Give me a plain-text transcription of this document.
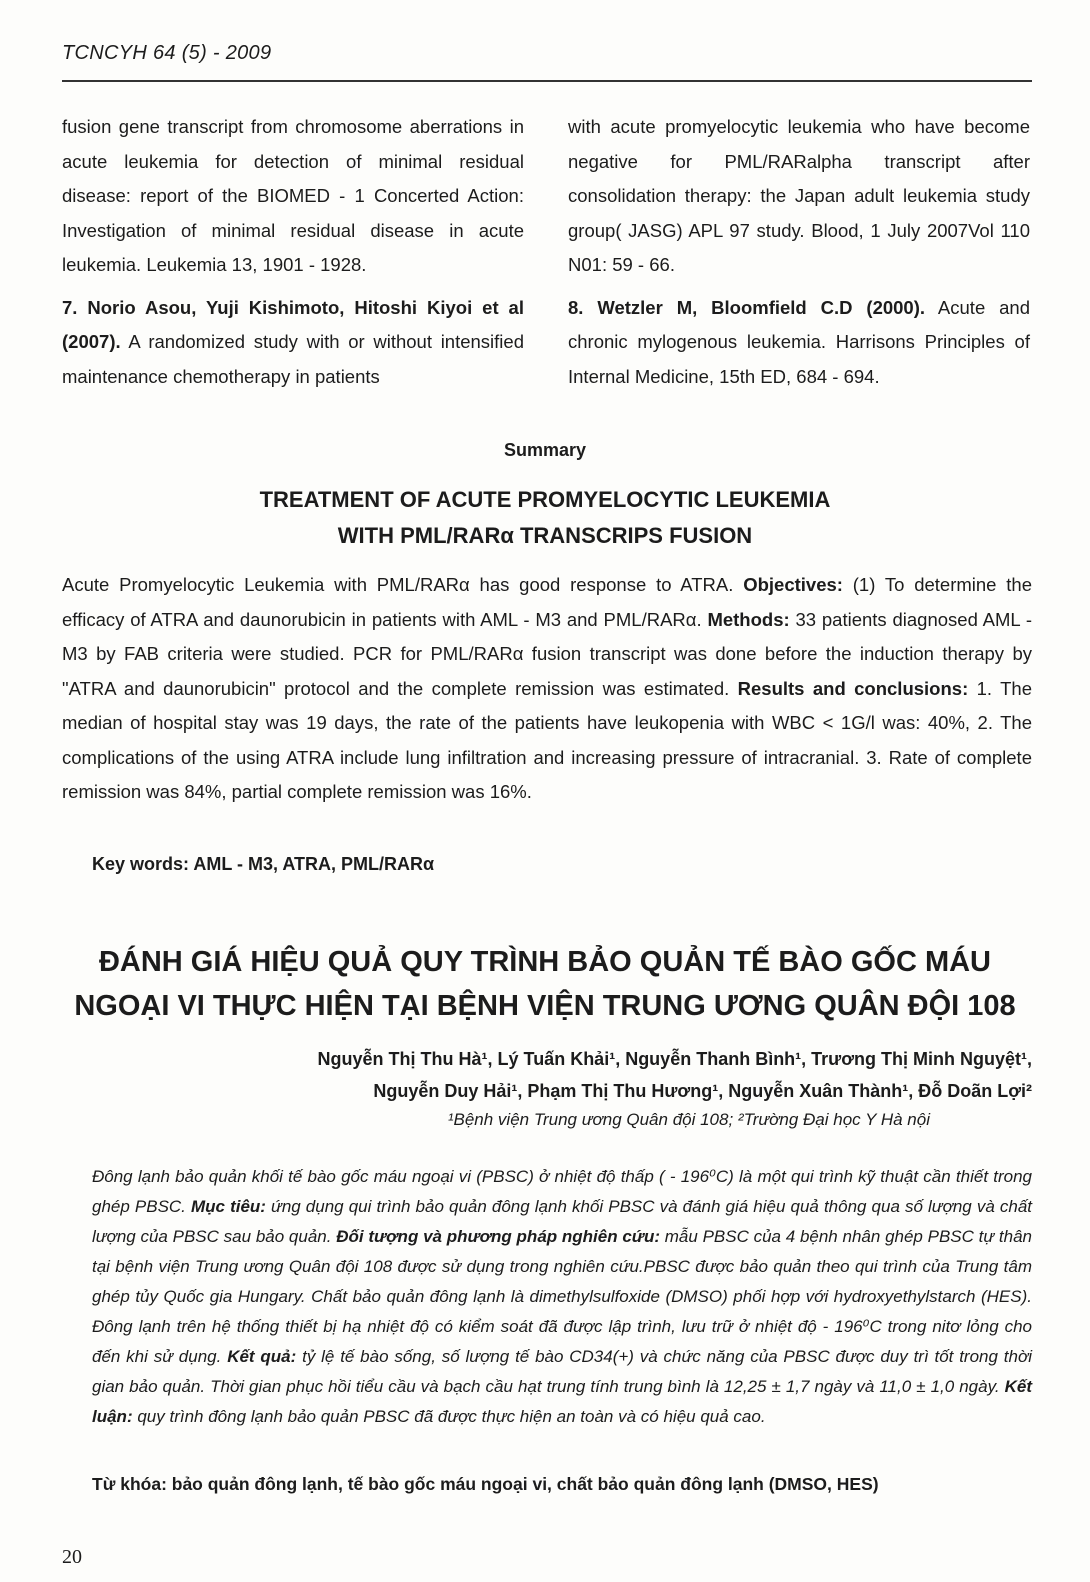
TCNCYH 64 (5) - 2009

fusion gene transcript from chromosome aberrations in acute leukemia for detection of minimal residual disease: report of the BIOMED - 1 Concerted Action: Investigation of minimal residual disease in acute leukemia. Leukemia 13, 1901 - 1928.

7. Norio Asou, Yuji Kishimoto, Hitoshi Kiyoi et al (2007). A randomized study with or without intensified maintenance chemotherapy in patients

with acute promyelocytic leukemia who have become negative for PML/RARalpha transcript after consolidation therapy: the Japan adult leukemia study group( JASG) APL 97 study. Blood, 1 July 2007Vol 110 N01: 59 - 66.

8. Wetzler M, Bloomfield C.D (2000). Acute and chronic mylogenous leukemia. Harrisons Principles of Internal Medicine, 15th ED, 684 - 694.

Summary
TREATMENT OF ACUTE PROMYELOCYTIC LEUKEMIA
WITH PML/RARα TRANSCRIPS FUSION

Acute Promyelocytic Leukemia with PML/RARα has good response to ATRA. Objectives: (1) To determine the efficacy of ATRA and daunorubicin in patients with AML - M3 and PML/RARα. Methods: 33 patients diagnosed AML - M3 by FAB criteria were studied. PCR for PML/RARα fusion transcript was done before the induction therapy by "ATRA and daunorubicin" protocol and the complete remission was estimated. Results and conclusions: 1. The median of hospital stay was 19 days, the rate of the patients have leukopenia with WBC < 1G/l was: 40%, 2. The complications of the using ATRA include lung infiltration and increasing pressure of intracranial. 3. Rate of complete remission was 84%, partial complete remission was 16%.

Key words: AML - M3, ATRA, PML/RARα
ĐÁNH GIÁ HIỆU QUẢ QUY TRÌNH BẢO QUẢN TẾ BÀO GỐC MÁU
NGOẠI VI THỰC HIỆN TẠI BỆNH VIỆN TRUNG ƯƠNG QUÂN ĐỘI 108
Nguyễn Thị Thu Hà¹, Lý Tuấn Khải¹, Nguyễn Thanh Bình¹, Trương Thị Minh Nguyệt¹,
Nguyễn Duy Hải¹, Phạm Thị Thu Hương¹, Nguyễn Xuân Thành¹, Đỗ Doãn Lợi²
¹Bệnh viện Trung ương Quân đội 108; ²Trường Đại học Y Hà nội

Đông lạnh bảo quản khối tế bào gốc máu ngoại vi (PBSC) ở nhiệt độ thấp ( - 196⁰C) là một qui trình kỹ thuật cần thiết trong ghép PBSC. Mục tiêu: ứng dụng qui trình bảo quản đông lạnh khối PBSC và đánh giá hiệu quả thông qua số lượng và chất lượng của PBSC sau bảo quản. Đối tượng và phương pháp nghiên cứu: mẫu PBSC của 4 bệnh nhân ghép PBSC tự thân tại bệnh viện Trung ương Quân đội 108 được sử dụng trong nghiên cứu.PBSC được bảo quản theo qui trình của Trung tâm ghép tủy Quốc gia Hungary. Chất bảo quản đông lạnh là dimethylsulfoxide (DMSO) phối hợp với hydroxyethylstarch (HES). Đông lạnh trên hệ thống thiết bị hạ nhiệt độ có kiểm soát đã được lập trình, lưu trữ ở nhiệt độ - 196⁰C trong nitơ lỏng cho đến khi sử dụng. Kết quả: tỷ lệ tế bào sống, số lượng tế bào CD34(+) và chức năng của PBSC được duy trì tốt trong thời gian bảo quản. Thời gian phục hồi tiểu cầu và bạch cầu hạt trung tính trung bình là 12,25 ± 1,7 ngày và 11,0 ± 1,0 ngày. Kết luận: quy trình đông lạnh bảo quản PBSC đã được thực hiện an toàn và có hiệu quả cao.

Từ khóa: bảo quản đông lạnh, tế bào gốc máu ngoại vi, chất bảo quản đông lạnh (DMSO, HES)
20
